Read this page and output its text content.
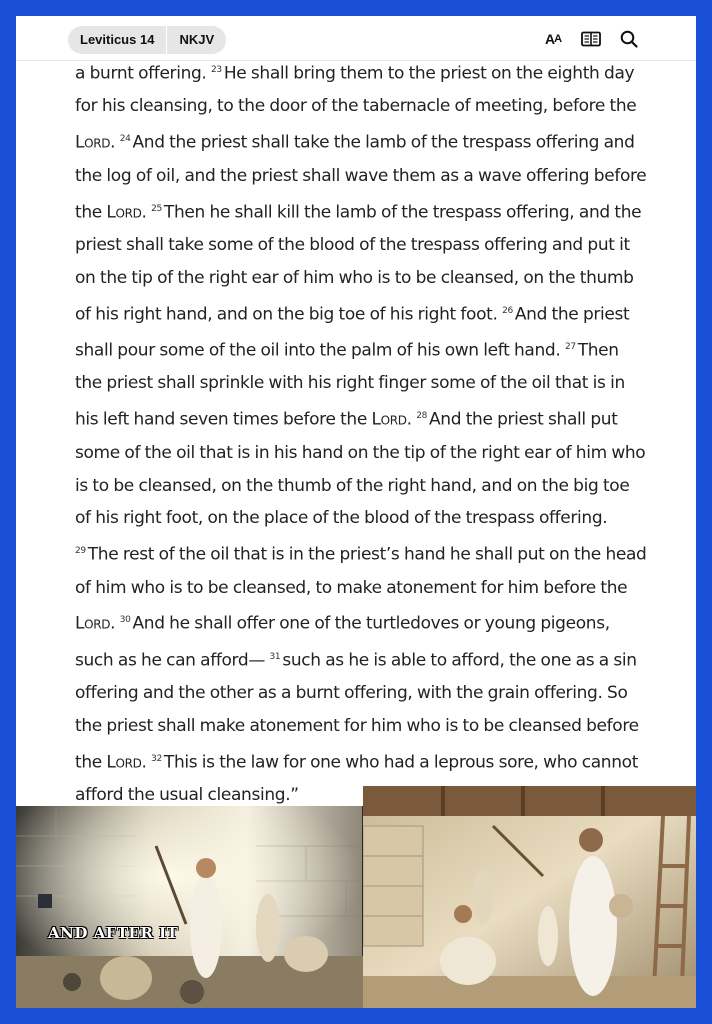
Leviticus 14	NKJV	A A

a burnt offering. $^{23}$ He shall bring them to the priest on the eighth day for his cleansing, to the door of the tabernacle of meeting, before the Lord. $^{24}$ And the priest shall take the lamb of the trespass offering and the log of oil, and the priest shall wave them as a wave offering before the Lord. $^{25}$ Then he shall kill the lamb of the trespass offering, and the priest shall take some of the blood of the trespass offering and put it on the tip of the right ear of him who is to be cleansed, on the thumb of his right hand, and on the big toe of his right foot. $^{26}$ And the priest shall pour some of the oil into the palm of his own left hand. $^{27}$ Then the priest shall sprinkle with his right finger some of the oil that is in his left hand seven times before the Lord. $^{28}$ And the priest shall put some of the oil that is in his hand on the tip of the right ear of him who is to be cleansed, on the thumb of the right hand, and on the big toe of his right foot, on the place of the blood of the trespass offering. $^{29}$ The rest of the oil that is in the priest’s hand he shall put on the head of him who is to be cleansed, to make atonement for him before the Lord. $^{30}$ And he shall offer one of the turtledoves or young pigeons, such as he can afford— $^{31}$ such as he is able to afford, the one as a sin offering and the other as a burnt offering, with the grain offering. So the priest shall make atonement for him who is to be cleansed before the Lord. $^{32}$ This is the law for one who had a leprous sore, who cannot afford the usual cleansing.”

AND AFTER IT
